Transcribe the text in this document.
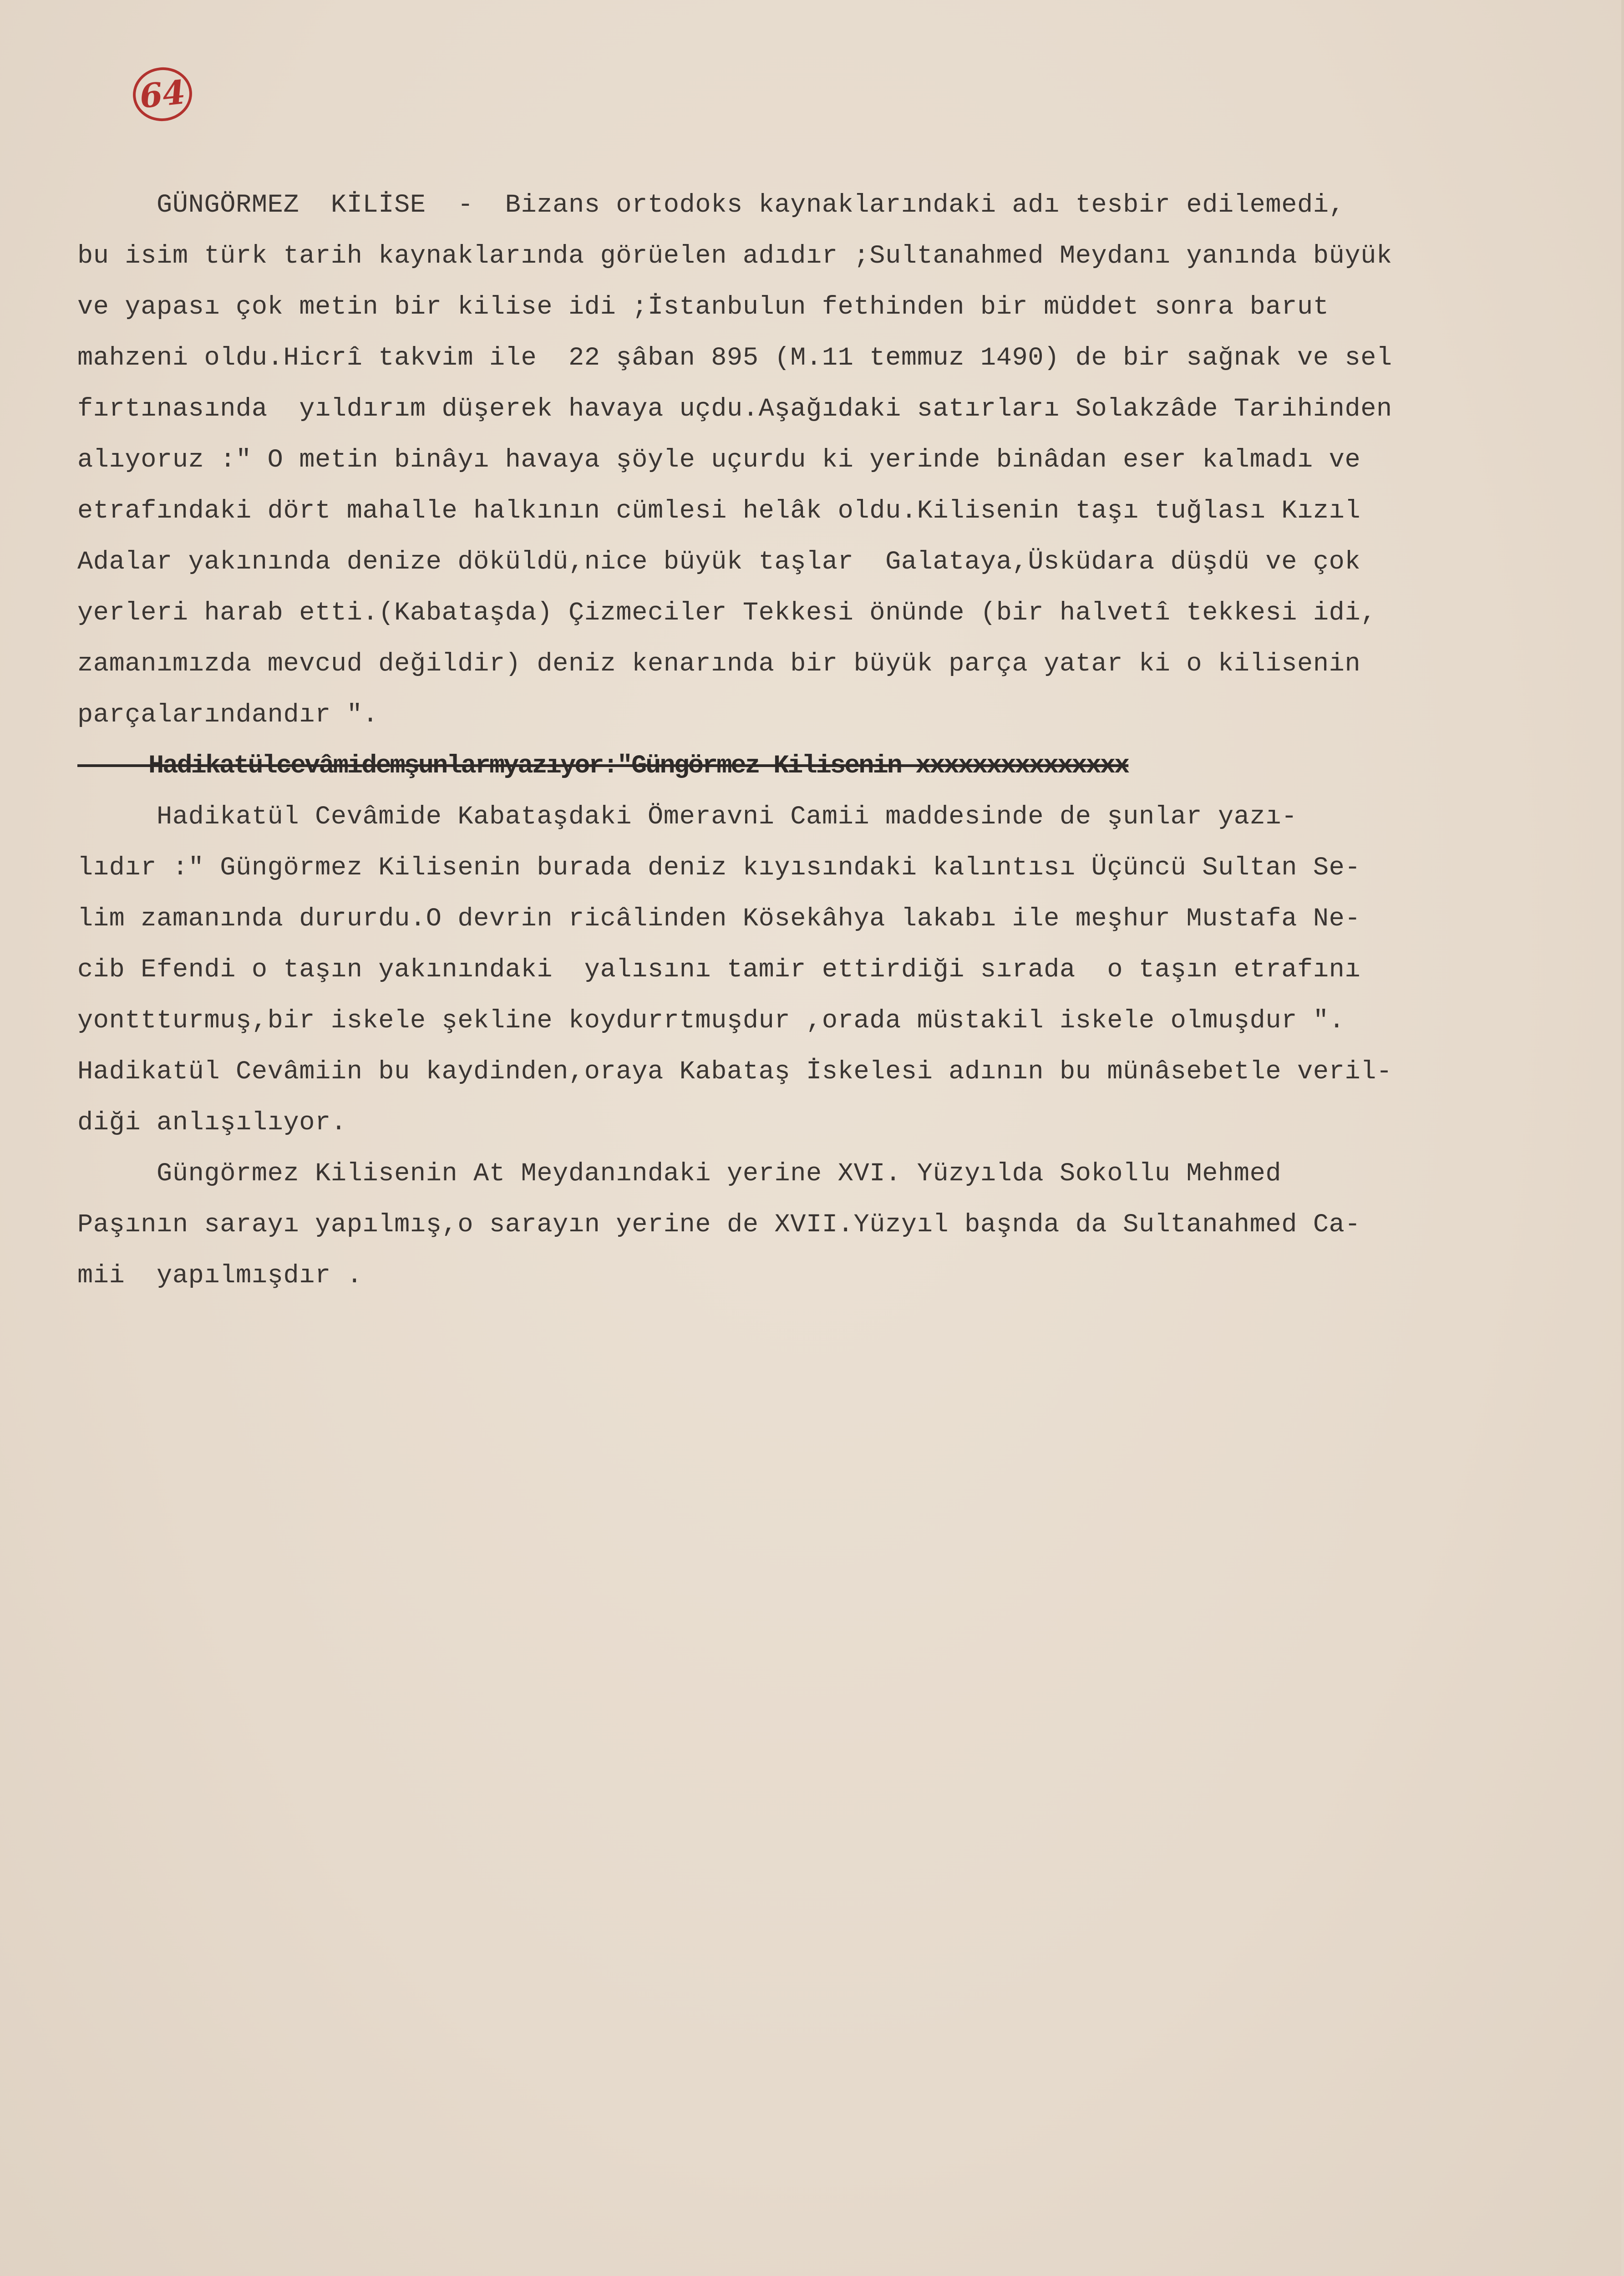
64
GÜNGÖRMEZ  KİLİSE  -  Bizans ortodoks kaynaklarındaki adı tesbir edilemedi,
bu isim türk tarih kaynaklarında görüelen adıdır ;Sultanahmed Meydanı yanında büyük
ve yapası çok metin bir kilise idi ;İstanbulun fethinden bir müddet sonra barut
mahzeni oldu.Hicrî takvim ile  22 şâban 895 (M.11 temmuz 1490) de bir sağnak ve sel
fırtınasında  yıldırım düşerek havaya uçdu.Aşağıdaki satırları Solakzâde Tarihinden
alıyoruz :" O metin binâyı havaya şöyle uçurdu ki yerinde binâdan eser kalmadı ve
etrafındaki dört mahalle halkının cümlesi helâk oldu.Kilisenin taşı tuğlası Kızıl
Adalar yakınında denize döküldü,nice büyük taşlar  Galataya,Üsküdara düşdü ve çok
yerleri harab etti.(Kabataşda) Çizmeciler Tekkesi önünde (bir halvetî tekkesi idi,
zamanımızda mevcud değildir) deniz kenarında bir büyük parça yatar ki o kilisenin
parçalarındandır ".
Hadikatülcevâmidemşunlarmyazıyor:"Güngörmez Kilisenin xxxxxxxxxxxxxxx
Hadikatül Cevâmide Kabataşdaki Ömeravni Camii maddesinde de şunlar yazı-
lıdır :" Güngörmez Kilisenin burada deniz kıyısındaki kalıntısı Üçüncü Sultan Se-
lim zamanında dururdu.O devrin ricâlinden Kösekâhya lakabı ile meşhur Mustafa Ne-
cib Efendi o taşın yakınındaki  yalısını tamir ettirdiği sırada  o taşın etrafını
yonttturmuş,bir iskele şekline koydurrtmuşdur ,orada müstakil iskele olmuşdur ".
Hadikatül Cevâmiin bu kaydinden,oraya Kabataş İskelesi adının bu münâsebetle veril-
diği anlışılıyor.
Güngörmez Kilisenin At Meydanındaki yerine XVI. Yüzyılda Sokollu Mehmed
Paşının sarayı yapılmış,o sarayın yerine de XVII.Yüzyıl başnda da Sultanahmed Ca-
mii  yapılmışdır .
